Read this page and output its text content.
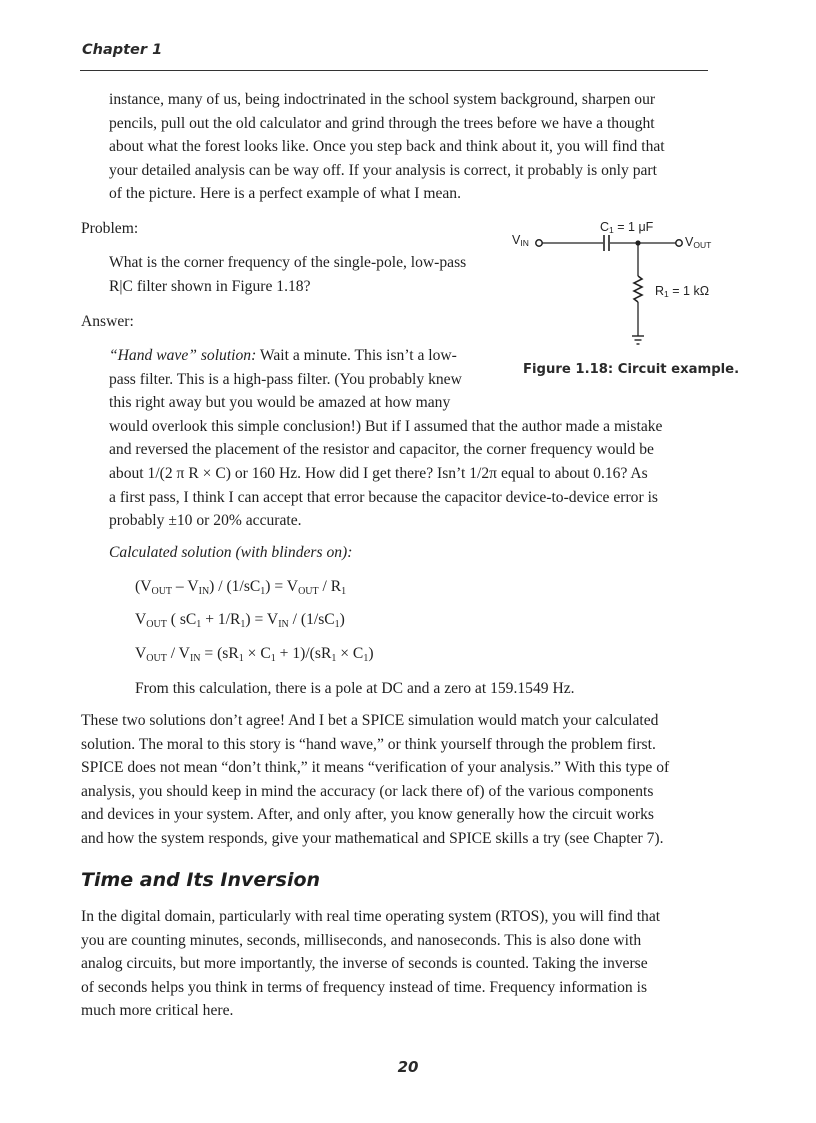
Chapter 1
instance, many of us, being indoctrinated in the school system background, sharpen our
pencils, pull out the old calculator and grind through the trees before we have a thought
about what the forest looks like. Once you step back and think about it, you will find that
your detailed analysis can be way off. If your analysis is correct, it probably is only part
of the picture. Here is a perfect example of what I mean.
Problem:
What is the corner frequency of the single-pole, low-pass
R|C filter shown in Figure 1.18?
Answer:
“Hand wave” solution: Wait a minute. This isn’t a low-
pass filter. This is a high-pass filter. (You probably knew
this right away but you would be amazed at how many
would overlook this simple conclusion!) But if I assumed that the author made a mistake
and reversed the placement of the resistor and capacitor, the corner frequency would be
about 1/(2 π R × C) or 160 Hz. How did I get there? Isn’t 1/2π equal to about 0.16? As
a first pass, I think I can accept that error because the capacitor device-to-device error is
probably ±10 or 20% accurate.
Calculated solution (with blinders on):
$(V_{OUT} - V_{IN}) / (1/sC_1) = V_{OUT} / R_1$
$V_{OUT}$ ( $sC_1 + 1/R_1) = V_{IN} / (1/sC_1)$
$V_{OUT} / V_{IN} = (sR_1 \times C_1 + 1)/(sR_1 \times C_1)$
From this calculation, there is a pole at DC and a zero at 159.1549 Hz.
These two solutions don’t agree! And I bet a SPICE simulation would match your calculated
solution. The moral to this story is “hand wave,” or think yourself through the problem first.
SPICE does not mean “don’t think,” it means “verification of your analysis.” With this type of
analysis, you should keep in mind the accuracy (or lack there of) of the various components
and devices in your system. After, and only after, you know generally how the circuit works
and how the system responds, give your mathematical and SPICE skills a try (see Chapter 7).
Time and Its Inversion
In the digital domain, particularly with real time operating system (RTOS), you will find that
you are counting minutes, seconds, milliseconds, and nanoseconds. This is also done with
analog circuits, but more importantly, the inverse of seconds is counted. Taking the inverse
of seconds helps you think in terms of frequency instead of time. Frequency information is
much more critical here.
$V_{IN}$
$C_1 = 1$ μF
$V_{OUT}$
$R_1 = 1$ kΩ
Figure 1.18: Circuit example.
20
